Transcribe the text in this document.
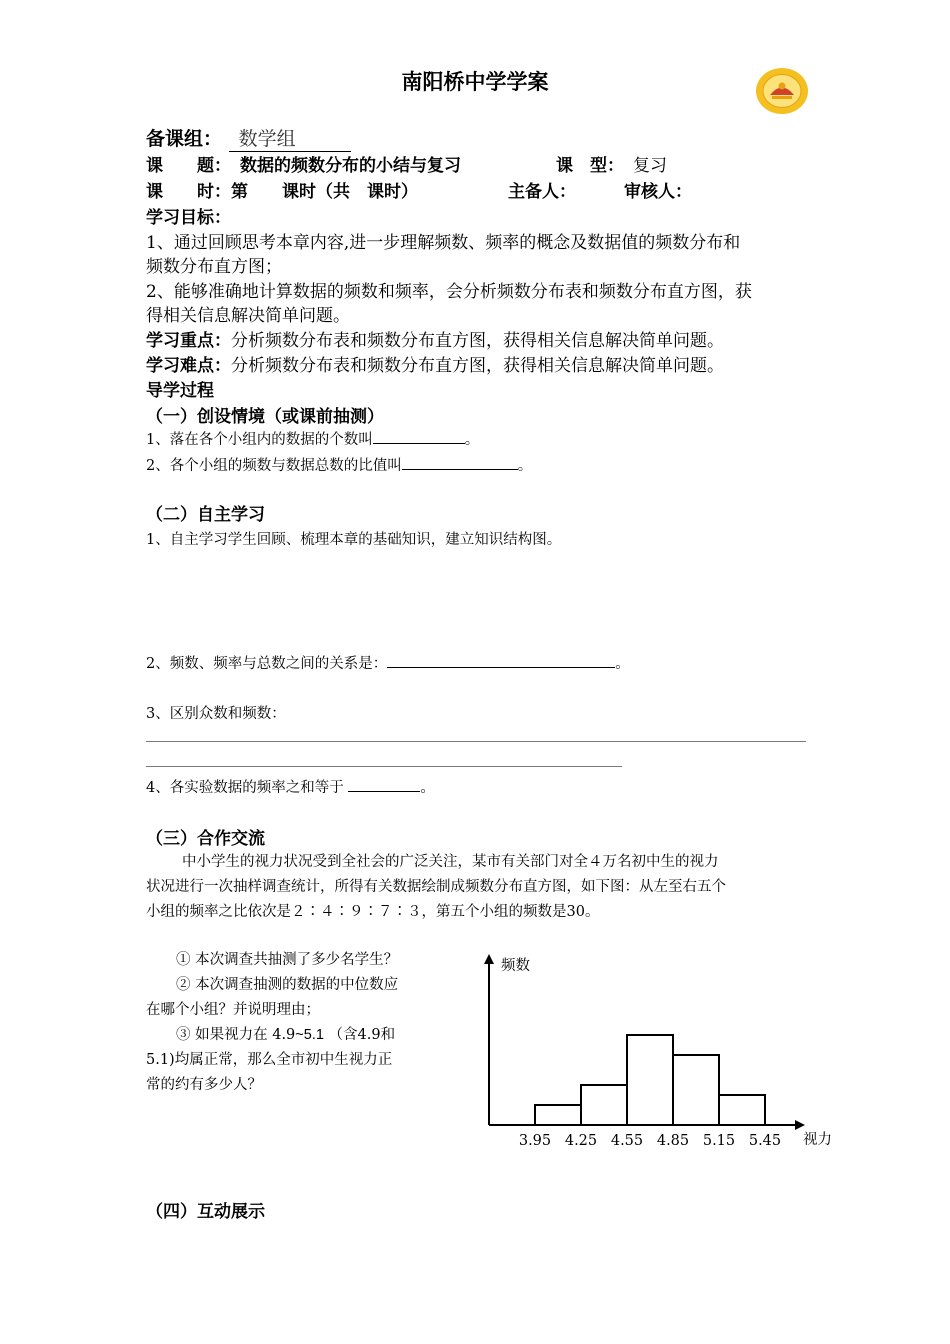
南阳桥中学学案
备课组： 数学组
课　　题： 数据的频数分布的小结与复习	课　型： 复习
课　　时：第　　课时（共　课时）	主备人：	审核人：
学习目标：
1、通过回顾思考本章内容,进一步理解频数、频率的概念及数据值的频数分布和
频数分布直方图；
2、能够准确地计算数据的频数和频率，会分析频数分布表和频数分布直方图，获
得相关信息解决简单问题。
学习重点：分析频数分布表和频数分布直方图，获得相关信息解决简单问题。
学习难点：分析频数分布表和频数分布直方图，获得相关信息解决简单问题。
导学过程
（一）创设情境（或课前抽测）
1、落在各个小组内的数据的个数叫	。
2、各个小组的频数与数据总数的比值叫	。
（二）自主学习
1、自主学习学生回顾、梳理本章的基础知识，建立知识结构图。
2、频数、频率与总数之间的关系是：	。
3、区别众数和频数：
4、各实验数据的频率之和等于	。
（三）合作交流
中小学生的视力状况受到全社会的广泛关注，某市有关部门对全４万名初中生的视力
状况进行一次抽样调查统计，所得有关数据绘制成频数分布直方图，如下图：从左至右五个
小组的频率之比依次是２∶４∶９∶７∶３，第五个小组的频数是30。
① 本次调查共抽测了多少名学生？
② 本次调查抽测的数据的中位数应
在哪个小组？并说明理由；
③ 如果视力在 4.9~5.1 （含4.9和
5.1)均属正常，那么全市初中生视力正
常的约有多少人？
频数
视力
3.95 4.25 4.55 4.85 5.15 5.45
（四）互动展示
